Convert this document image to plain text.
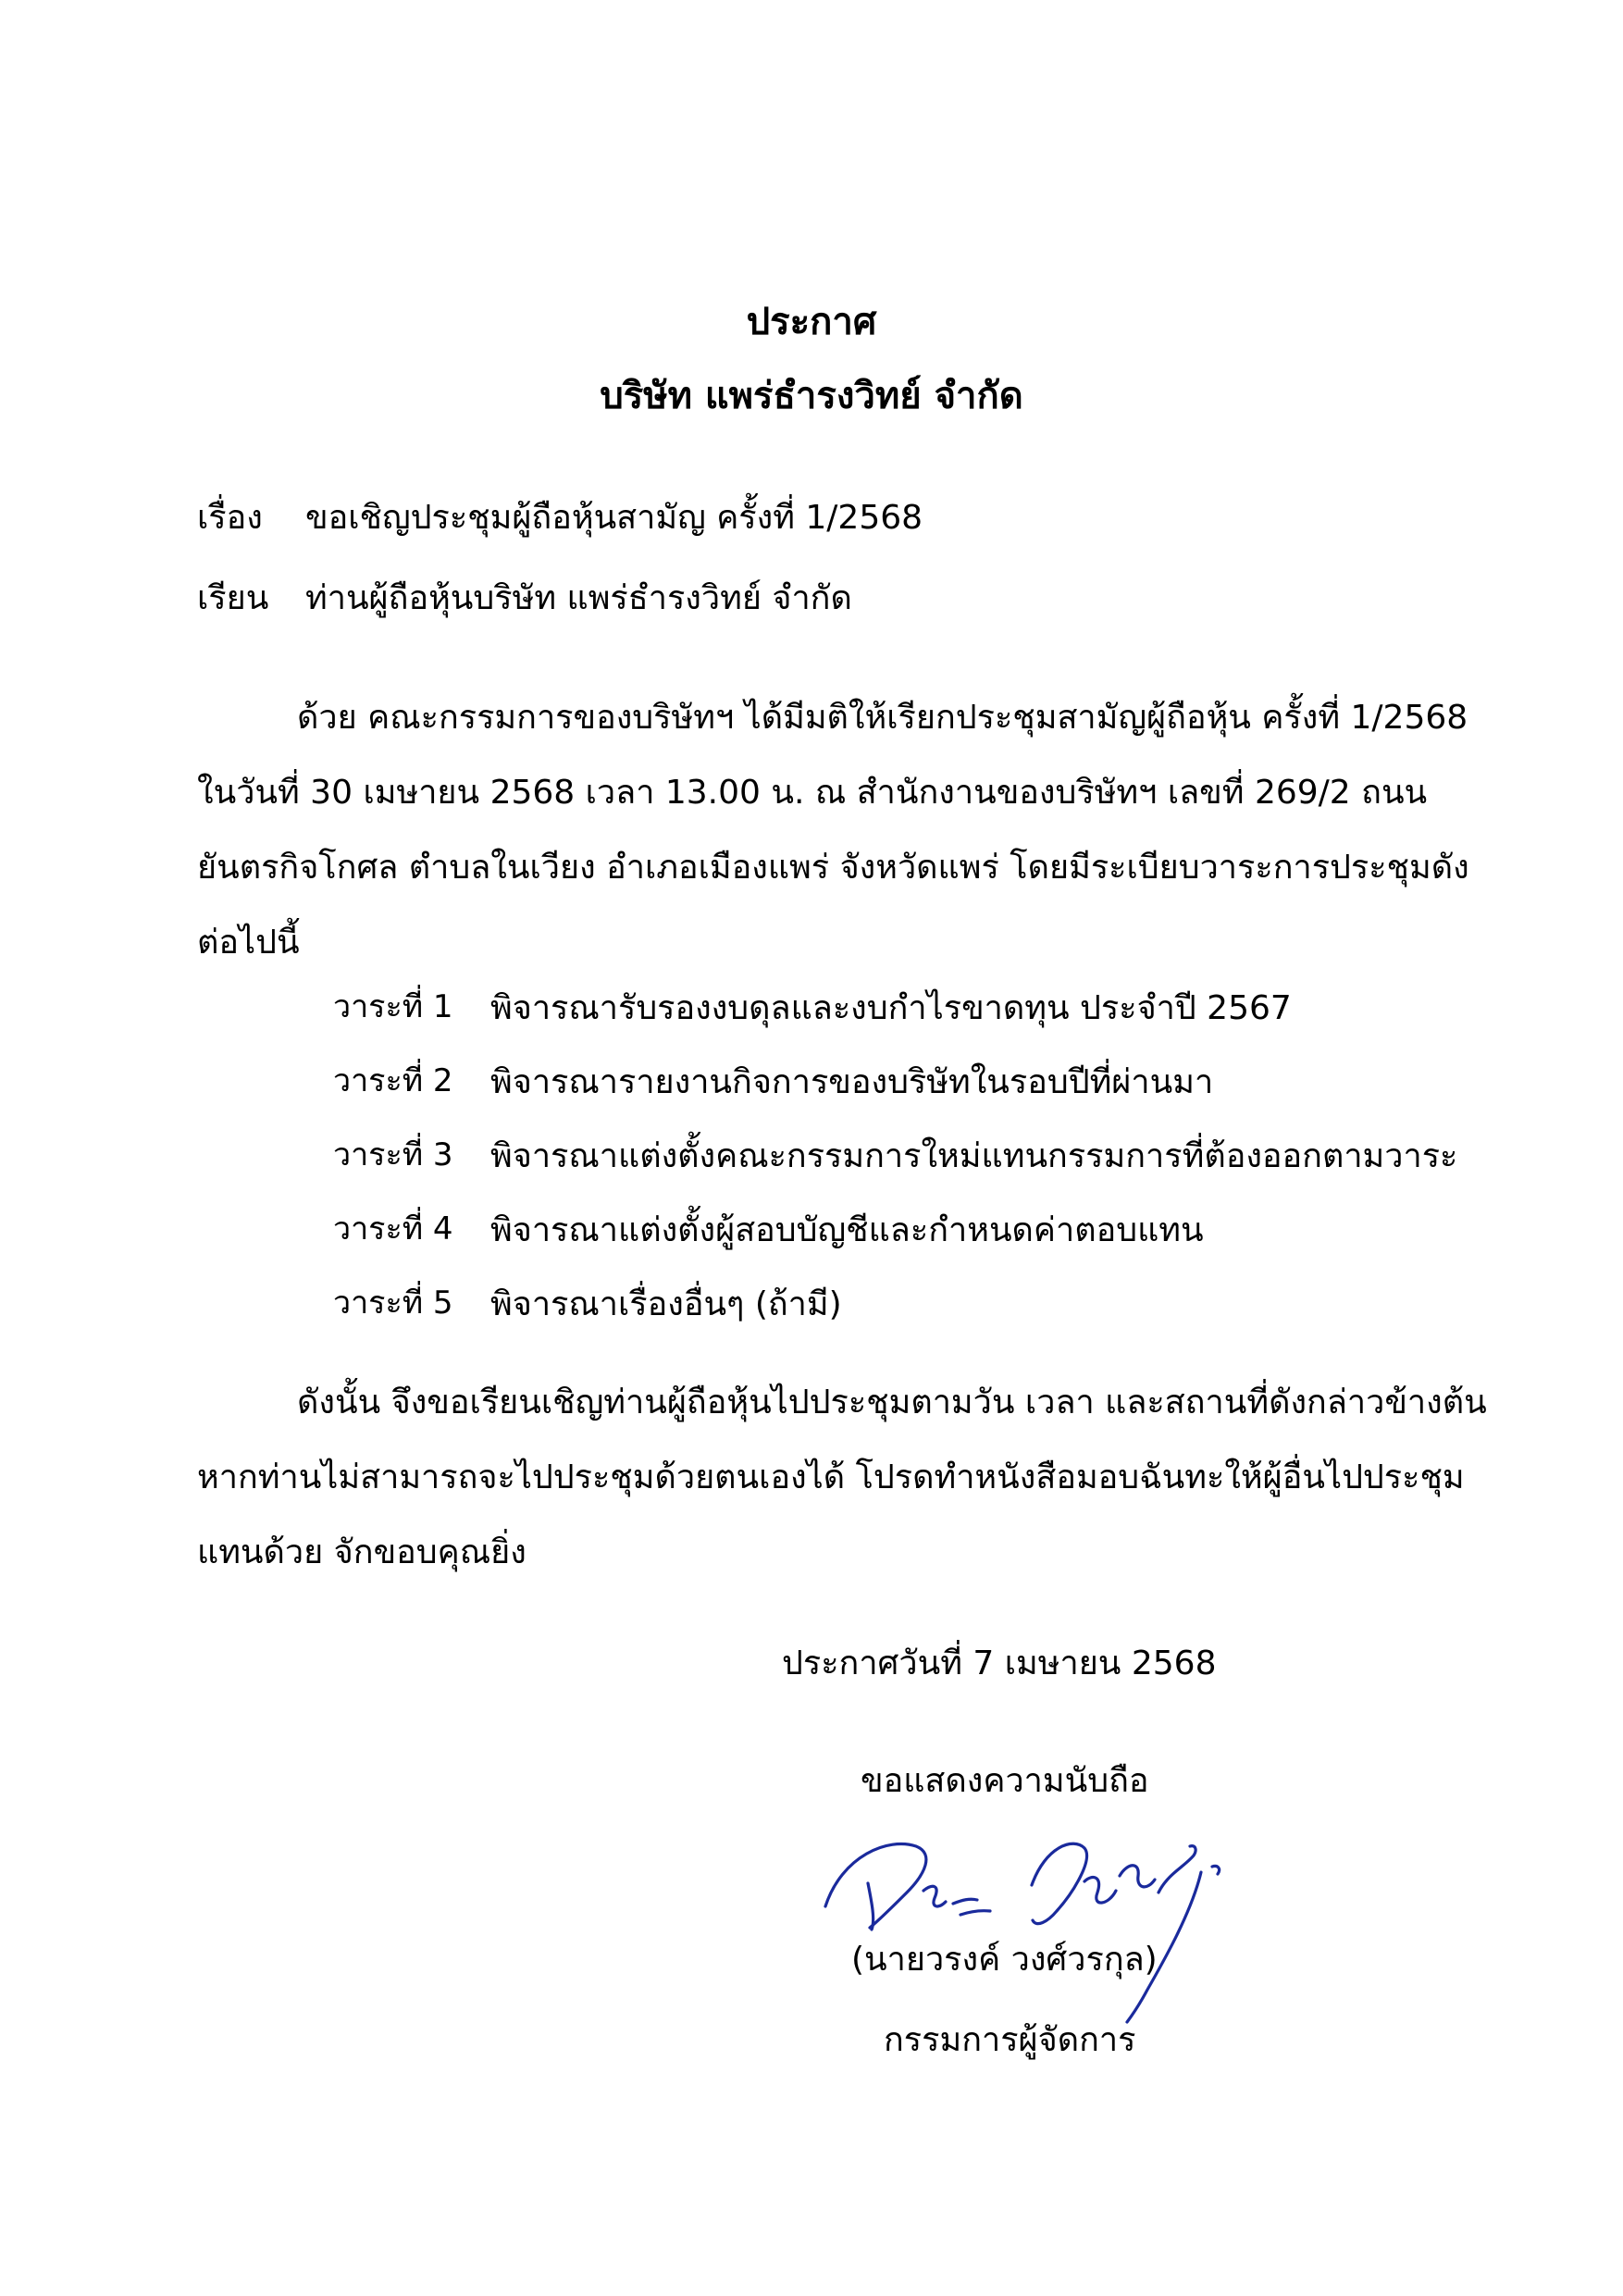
ประกาศ
บริษัท แพร่ธำรงวิทย์ จำกัด
เรื่อง ขอเชิญประชุมผู้ถือหุ้นสามัญ ครั้งที่ 1/2568
เรียน ท่านผู้ถือหุ้นบริษัท แพร่ธำรงวิทย์ จำกัด
ด้วย คณะกรรมการของบริษัทฯ ได้มีมติให้เรียกประชุมสามัญผู้ถือหุ้น ครั้งที่ 1/2568 ในวันที่ 30 เมษายน 2568 เวลา 13.00 น. ณ สำนักงานของบริษัทฯ เลขที่ 269/2 ถนนยันตรกิจโกศล ตำบลในเวียง อำเภอเมืองแพร่ จังหวัดแพร่ โดยมีระเบียบวาระการประชุมดังต่อไปนี้
วาระที่ 1 พิจารณารับรองงบดุลและงบกำไรขาดทุน ประจำปี 2567
วาระที่ 2 พิจารณารายงานกิจการของบริษัทในรอบปีที่ผ่านมา
วาระที่ 3 พิจารณาแต่งตั้งคณะกรรมการใหม่แทนกรรมการที่ต้องออกตามวาระ
วาระที่ 4 พิจารณาแต่งตั้งผู้สอบบัญชีและกำหนดค่าตอบแทน
วาระที่ 5 พิจารณาเรื่องอื่นๆ (ถ้ามี)
ดังนั้น จึงขอเรียนเชิญท่านผู้ถือหุ้นไปประชุมตามวัน เวลา และสถานที่ดังกล่าวข้างต้น หากท่านไม่สามารถจะไปประชุมด้วยตนเองได้ โปรดทำหนังสือมอบฉันทะให้ผู้อื่นไปประชุมแทนด้วย จักขอบคุณยิ่ง
ประกาศวันที่ 7 เมษายน 2568
ขอแสดงความนับถือ
(นายวรงค์ วงศ์วรกุล)
กรรมการผู้จัดการ
